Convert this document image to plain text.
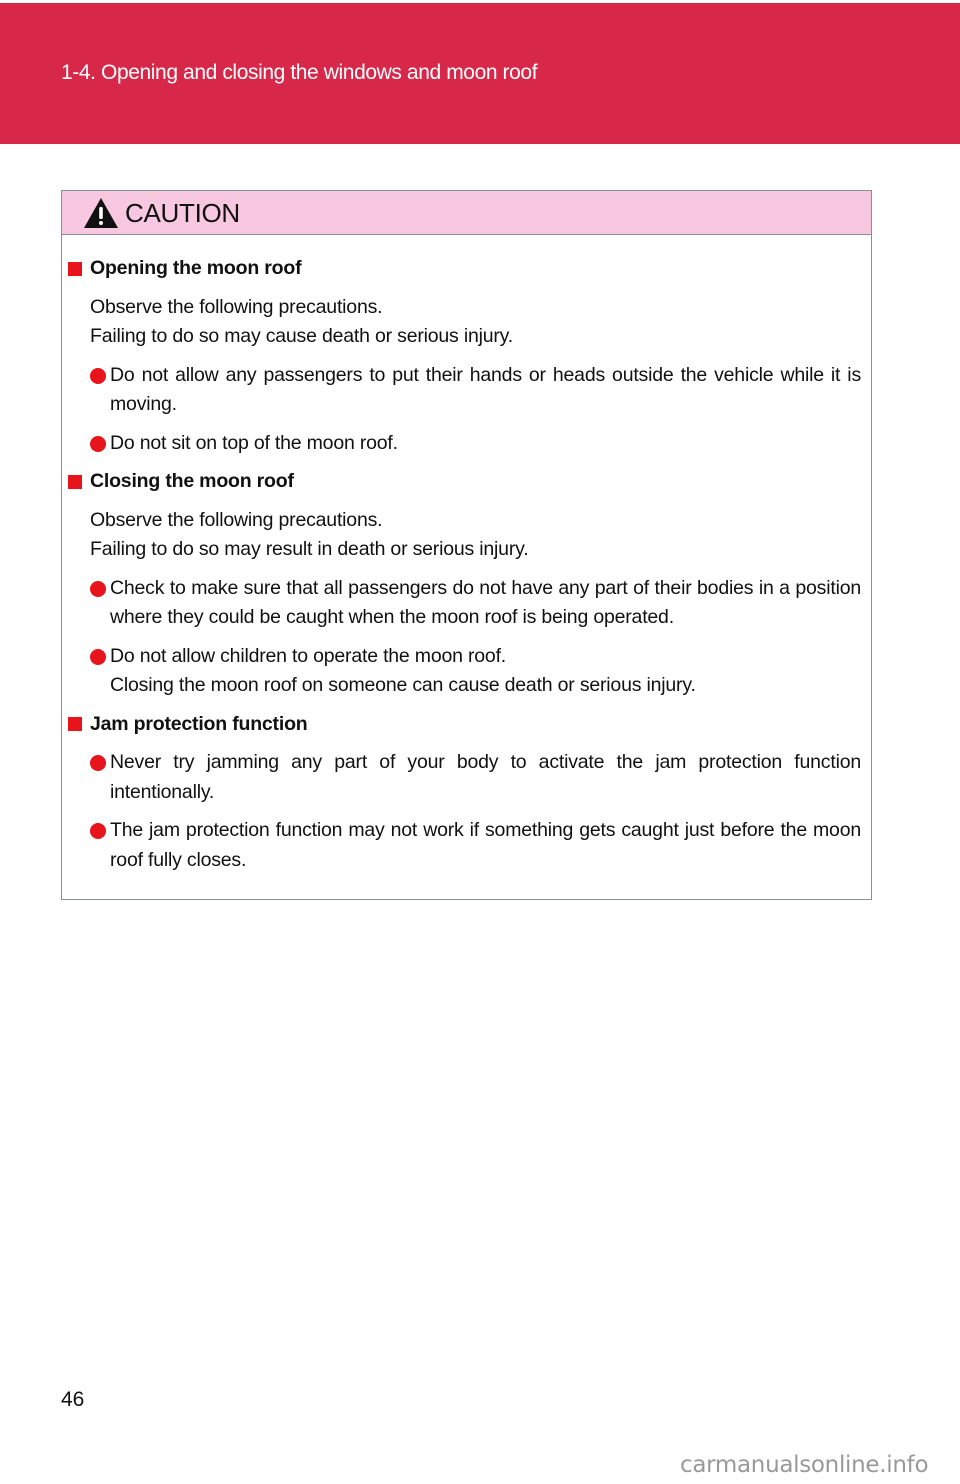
1-4. Opening and closing the windows and moon roof
CAUTION
Opening the moon roof
Observe the following precautions.
Failing to do so may cause death or serious injury.
Do not allow any passengers to put their hands or heads outside the vehicle while it is moving.
Do not sit on top of the moon roof.
Closing the moon roof
Observe the following precautions.
Failing to do so may result in death or serious injury.
Check to make sure that all passengers do not have any part of their bodies in a position where they could be caught when the moon roof is being operated.
Do not allow children to operate the moon roof.
Closing the moon roof on someone can cause death or serious injury.
Jam protection function
Never try jamming any part of your body to activate the jam protection function intentionally.
The jam protection function may not work if something gets caught just before the moon roof fully closes.
46
carmanualsonline.info
